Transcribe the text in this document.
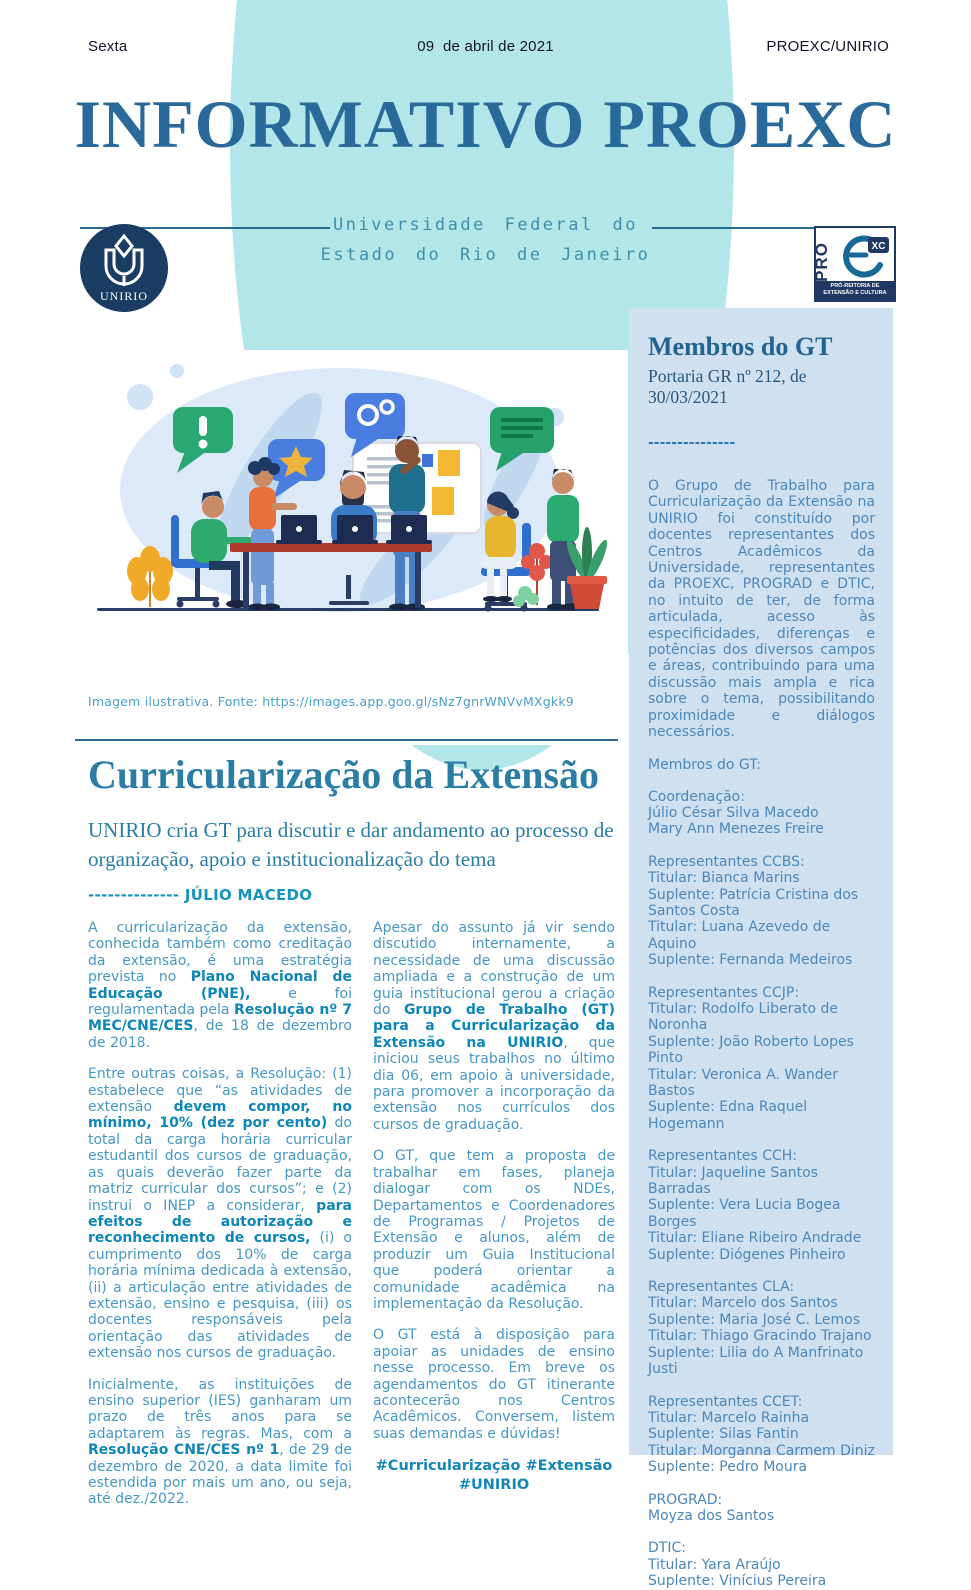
Sexta	09  de abril de 2021	PROEXC/UNIRIO
INFORMATIVO PROEXC
Universidade Federal do
Estado do Rio de Janeiro
UNIRIO
PRO	XC
PRÓ-REITORIA DE
EXTENSÃO E CULTURA
Imagem ilustrativa. Fonte: https://images.app.goo.gl/sNz7gnrWNVvMXgkk9
Curricularização da Extensão
UNIRIO cria GT para discutir e dar andamento ao processo de organização, apoio e institucionalização do tema
-------------- JÚLIO MACEDO

A curricularização da extensão, conhecida também como creditação da extensão, é uma estratégia prevista no Plano Nacional de Educação (PNE), e foi regulamentada pela Resolução nº 7 MEC/CNE/CES, de 18 de dezembro de 2018.

Entre outras coisas, a Resolução: (1) estabelece que “as atividades de extensão devem compor, no mínimo, 10% (dez por cento) do total da carga horária curricular estudantil dos cursos de graduação, as quais deverão fazer parte da matriz curricular dos cursos”; e (2) instrui o INEP a considerar, para efeitos de autorização e reconhecimento de cursos, (i) o cumprimento dos 10% de carga horária mínima dedicada à extensão, (ii) a articulação entre atividades de extensão, ensino e pesquisa, (iii) os docentes responsáveis pela orientação das atividades de extensão nos cursos de graduação.

Inicialmente, as instituições de ensino superior (IES) ganharam um prazo de três anos para se adaptarem às regras. Mas, com a Resolução CNE/CES nº 1, de 29 de dezembro de 2020, a data limite foi estendida por mais um ano, ou seja, até dez./2022.

Apesar do assunto já vir sendo discutido internamente, a necessidade de uma discussão ampliada e a construção de um guia institucional gerou a criação do Grupo de Trabalho (GT) para a Curricularização da Extensão na UNIRIO, que iniciou seus trabalhos no último dia 06, em apoio à universidade, para promover a incorporação da extensão nos currículos dos cursos de graduação.

O GT, que tem a proposta de trabalhar em fases, planeja dialogar com os NDEs, Departamentos e Coordenadores de Programas / Projetos de Extensão e alunos, além de produzir um Guia Institucional que poderá orientar a comunidade acadêmica na implementação da Resolução.

O GT está à disposição para apoiar as unidades de ensino nesse processo. Em breve os agendamentos do GT itinerante acontecerão nos Centros Acadêmicos. Conversem, listem suas demandas e dúvidas!

#Curricularização #Extensão
#UNIRIO
Membros do GT
Portaria GR nº 212, de 30/03/2021
---------------
O Grupo de Trabalho para Curricularização da Extensão na UNIRIO foi constituído por docentes representantes dos Centros Acadêmicos da Universidade, representantes da PROEXC, PROGRAD e DTIC, no intuito de ter, de forma articulada, acesso às especificidades, diferenças e potências dos diversos campos e áreas, contribuindo para uma discussão mais ampla e rica sobre o tema, possibilitando proximidade e diálogos necessários.
Membros do GT:
Coordenação:
Júlio César Silva Macedo
Mary Ann Menezes Freire
Representantes CCBS:
Titular: Bianca Marins
Suplente: Patrícia Cristina dos Santos Costa
Titular: Luana Azevedo de Aquino
Suplente: Fernanda Medeiros
Representantes CCJP:
Titular: Rodolfo Liberato de Noronha
Suplente: João Roberto Lopes Pinto
Titular: Veronica A. Wander Bastos
Suplente: Edna Raquel Hogemann
Representantes CCH:
Titular: Jaqueline Santos Barradas
Suplente: Vera Lucia Bogea Borges
Titular: Eliane Ribeiro Andrade
Suplente: Diógenes Pinheiro
Representantes CLA:
Titular: Marcelo dos Santos
Suplente: Maria José C. Lemos
Titular: Thiago Gracindo Trajano
Suplente: Lilia do A Manfrinato Justi
Representantes CCET:
Titular: Marcelo Rainha
Suplente: Silas Fantin
Titular: Morganna Carmem Diniz
Suplente: Pedro Moura
PROGRAD:
Moyza dos Santos
DTIC:
Titular: Yara Araújo
Suplente: Vinícius Pereira
